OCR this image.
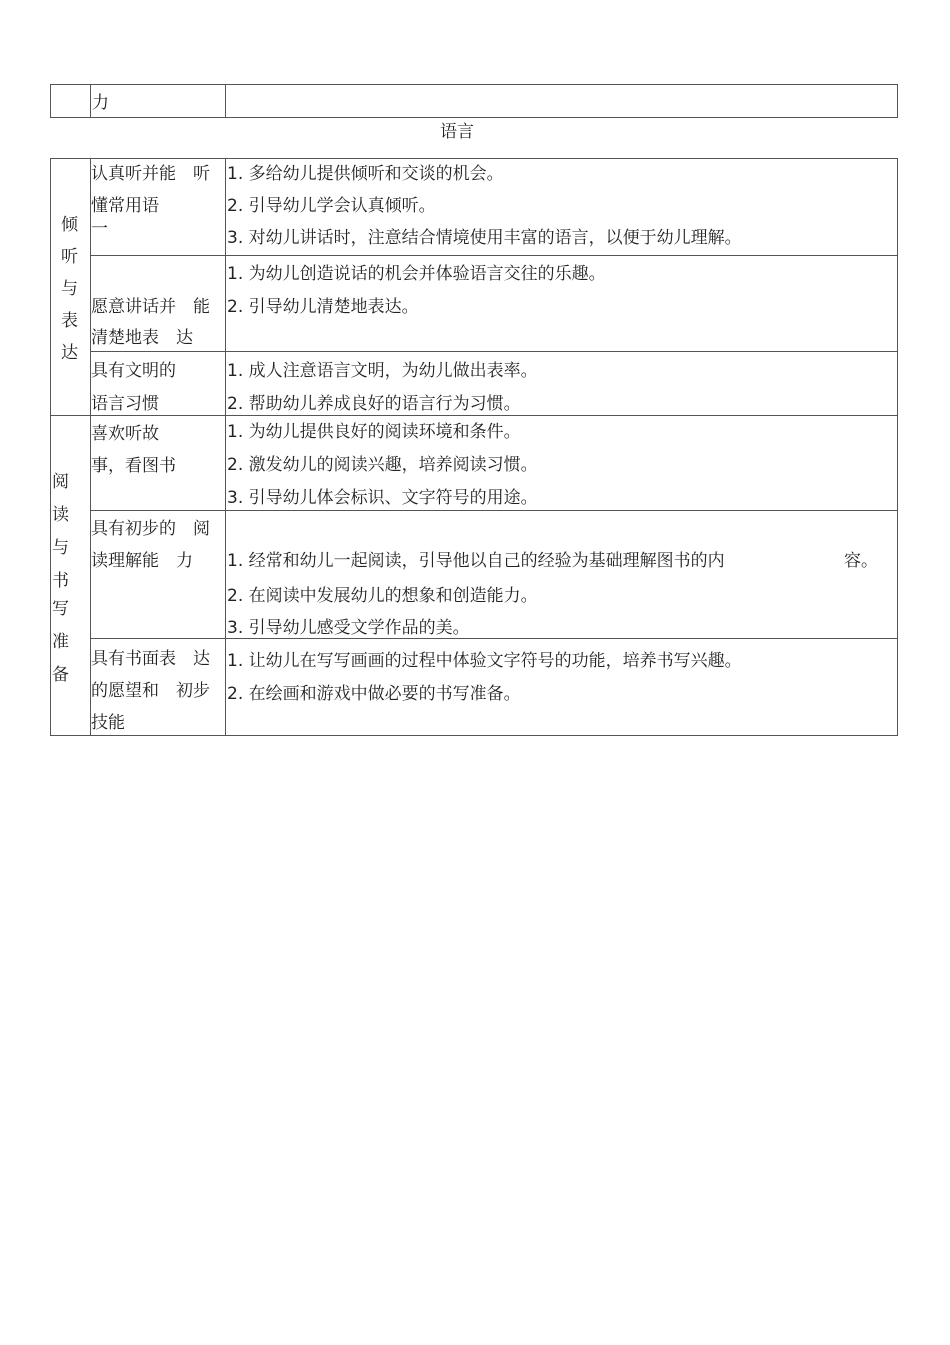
力
语言
倾
听
与
表
达
阅
读
与
书
写
准
备
认真听并能　听
懂常用语
一
1. 多给幼儿提供倾听和交谈的机会。
2. 引导幼儿学会认真倾听。
3. 对幼儿讲话时，注意结合情境使用丰富的语言，以便于幼儿理解。
愿意讲话并　能
清楚地表　达
1. 为幼儿创造说话的机会并体验语言交往的乐趣。
2. 引导幼儿清楚地表达。
具有文明的
语言习惯
1. 成人注意语言文明，为幼儿做出表率。
2. 帮助幼儿养成良好的语言行为习惯。
喜欢听故
事，看图书
1. 为幼儿提供良好的阅读环境和条件。
2. 激发幼儿的阅读兴趣，培养阅读习惯。
3. 引导幼儿体会标识、文字符号的用途。
具有初步的　阅
读理解能　力 1. 经常和幼儿一起阅读，引导他以自己的经验为基础理解图书的内	容。
2. 在阅读中发展幼儿的想象和创造能力。
3. 引导幼儿感受文学作品的美。
具有书面表　达
的愿望和　初步
技能
1. 让幼儿在写写画画的过程中体验文字符号的功能，培养书写兴趣。
2. 在绘画和游戏中做必要的书写准备。
